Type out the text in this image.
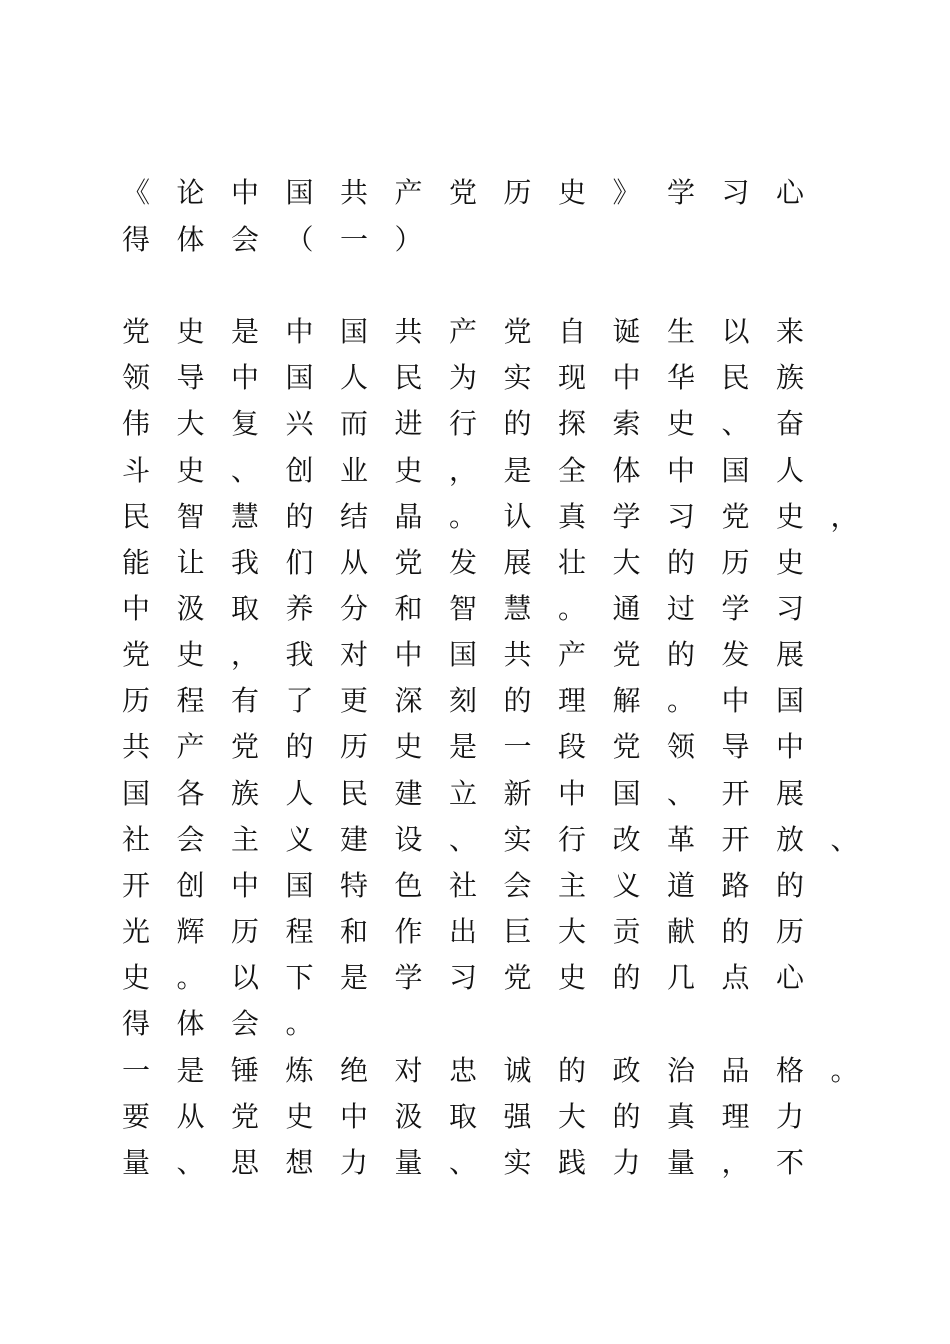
《论中国共产党历史》学习心
得体会（一）
党史是中国共产党自诞生以来
领导中国人民为实现中华民族
伟大复兴而进行的探索史、奋
斗史、创业史，是全体中国人
民智慧的结晶。认真学习党史，
能让我们从党发展壮大的历史
中汲取养分和智慧。通过学习
党史，我对中国共产党的发展
历程有了更深刻的理解。中国
共产党的历史是一段党领导中
国各族人民建立新中国、开展
社会主义建设、实行改革开放、
开创中国特色社会主义道路的
光辉历程和作出巨大贡献的历
史。以下是学习党史的几点心
得体会。
一是锤炼绝对忠诚的政治品格。
要从党史中汲取强大的真理力
量、思想力量、实践力量，不
